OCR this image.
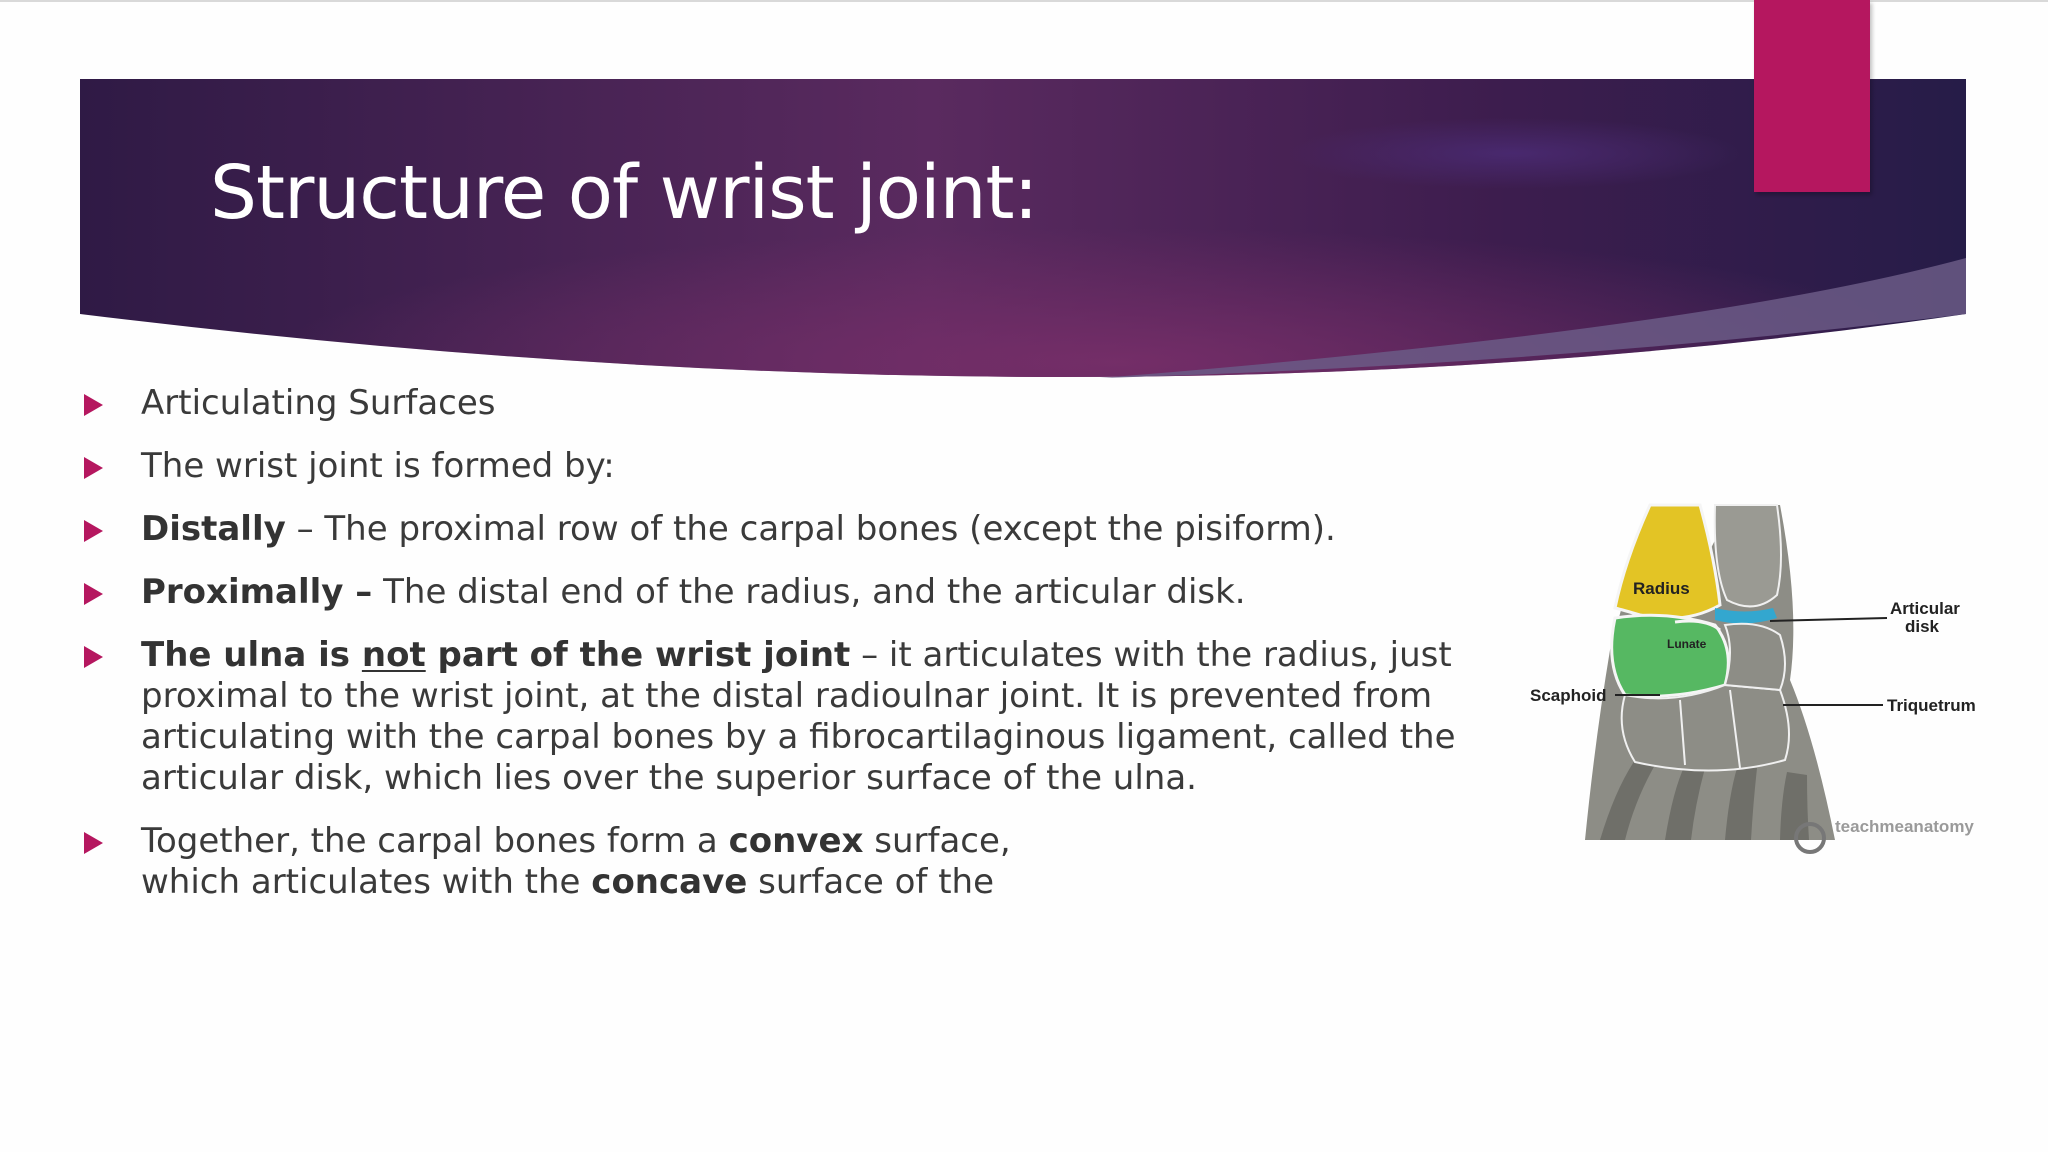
Structure of wrist joint:
Articulating Surfaces
The wrist joint is formed by:
Distally – The proximal row of the carpal bones (except the pisiform).
Proximally – The distal end of the radius, and the articular disk.
The ulna is not part of the wrist joint – it articulates with the radius, just proximal to the wrist joint, at the distal radioulnar joint. It is prevented from articulating with the carpal bones by a fibrocartilaginous ligament, called the articular disk, which lies over the superior surface of the ulna.
Together, the carpal bones form a convex surface, which articulates with the concave surface of the
Radius
Lunate
Articular
disk
Scaphoid
Triquetrum
teachmeanatomy
